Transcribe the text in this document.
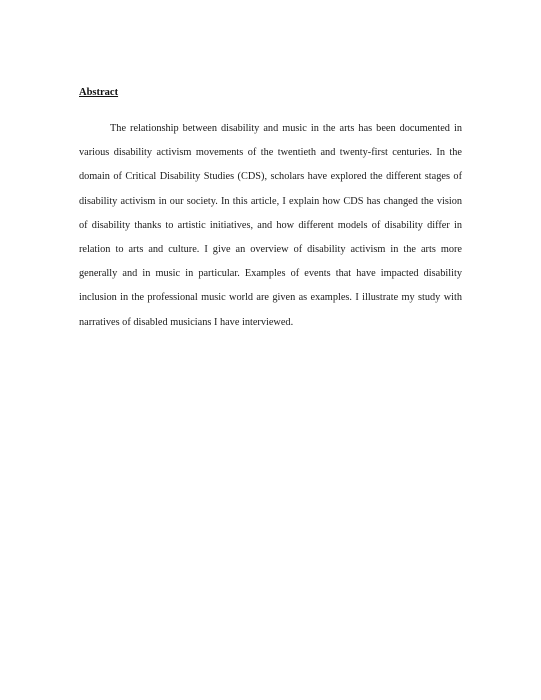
Abstract

The relationship between disability and music in the arts has been documented in various disability activism movements of the twentieth and twenty-first centuries. In the domain of Critical Disability Studies (CDS), scholars have explored the different stages of disability activism in our society. In this article, I explain how CDS has changed the vision of disability thanks to artistic initiatives, and how different models of disability differ in relation to arts and culture. I give an overview of disability activism in the arts more generally and in music in particular. Examples of events that have impacted disability inclusion in the professional music world are given as examples. I illustrate my study with narratives of disabled musicians I have interviewed.
